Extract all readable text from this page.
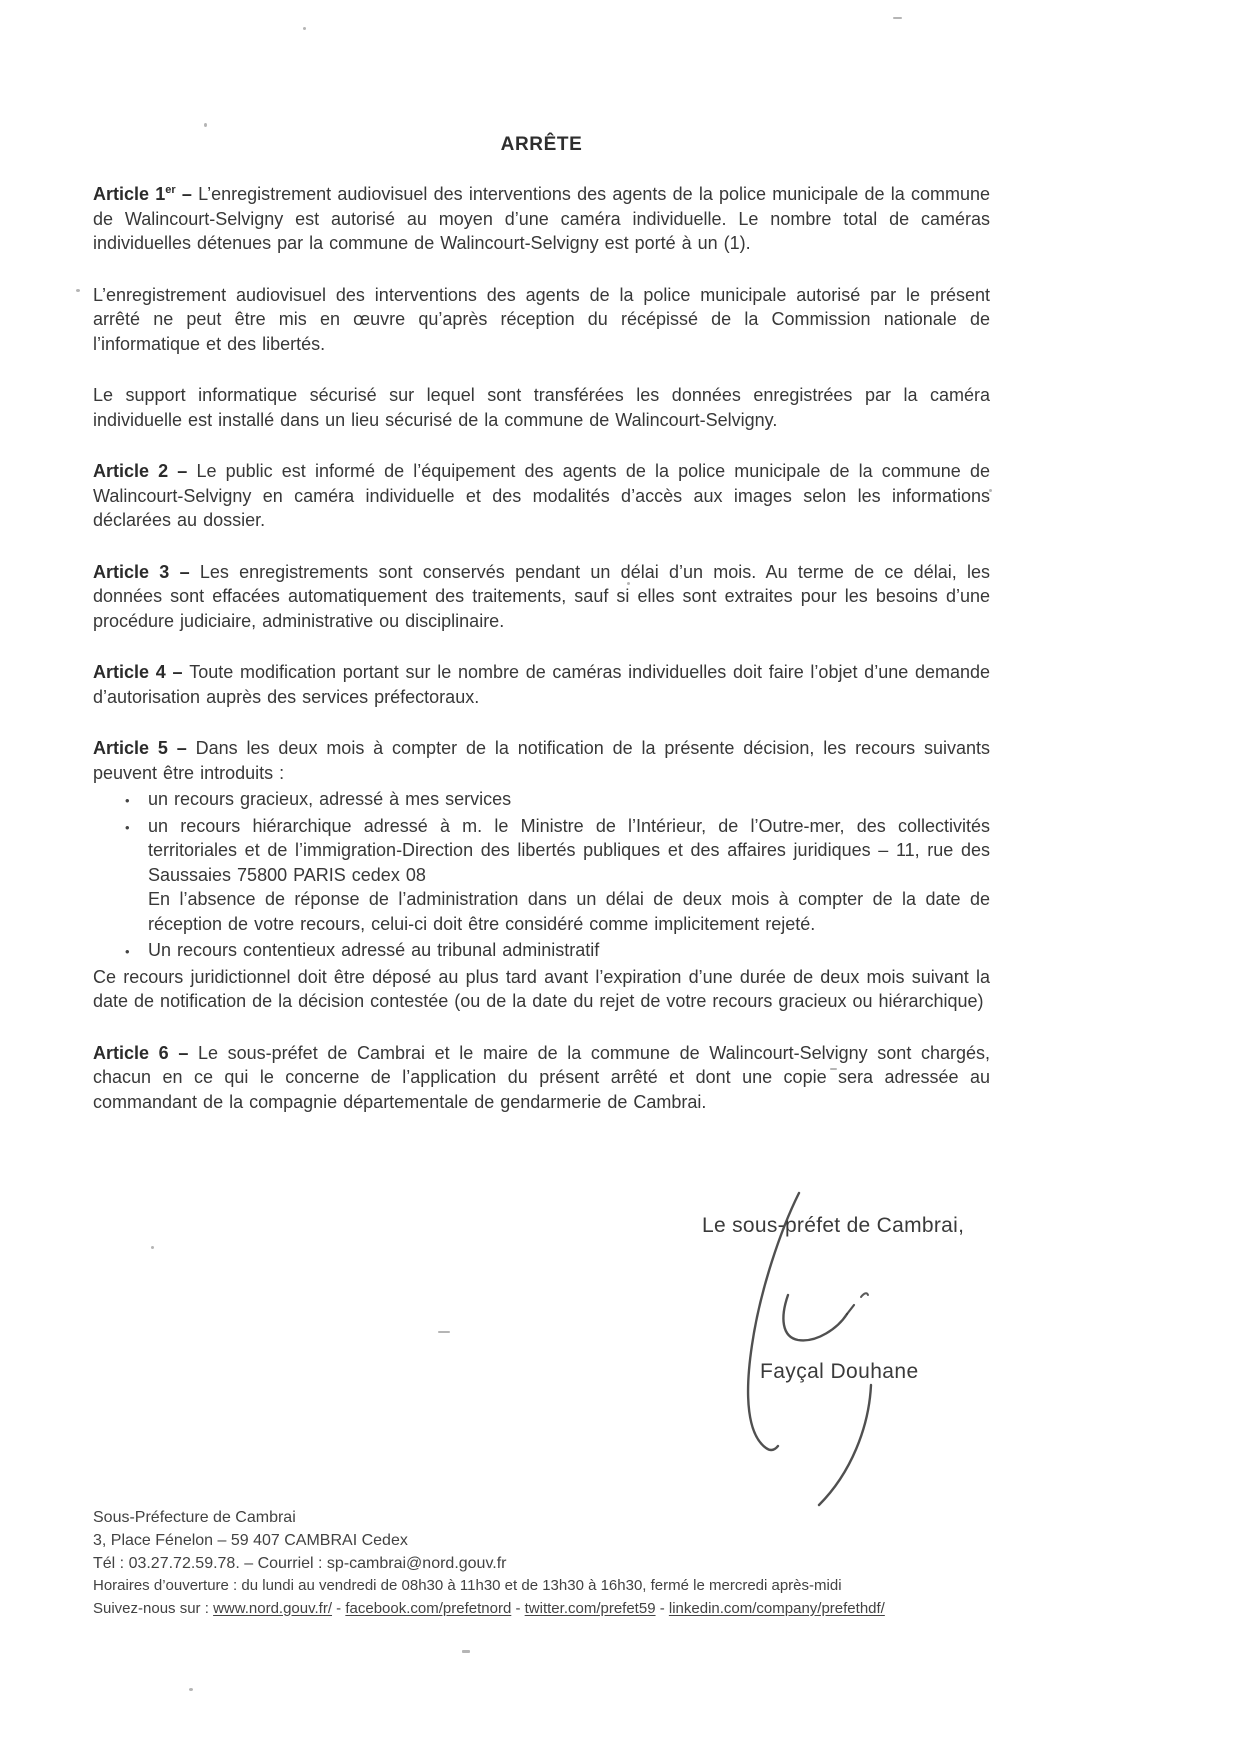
ARRÊTE

Article 1er – L’enregistrement audiovisuel des interventions des agents de la police municipale de la commune de Walincourt-Selvigny est autorisé au moyen d’une caméra individuelle. Le nombre total de caméras individuelles détenues par la commune de Walincourt-Selvigny est porté à un (1).

L’enregistrement audiovisuel des interventions des agents de la police municipale autorisé par le présent arrêté ne peut être mis en œuvre qu’après réception du récépissé de la Commission nationale de l’informatique et des libertés.

Le support informatique sécurisé sur lequel sont transférées les données enregistrées par la caméra individuelle est installé dans un lieu sécurisé de la commune de Walincourt-Selvigny.

Article 2 – Le public est informé de l’équipement des agents de la police municipale de la commune de Walincourt-Selvigny en caméra individuelle et des modalités d’accès aux images selon les informations déclarées au dossier.

Article 3 – Les enregistrements sont conservés pendant un délai d’un mois. Au terme de ce délai, les données sont effacées automatiquement des traitements, sauf si elles sont extraites pour les besoins d’une procédure judiciaire, administrative ou disciplinaire.

Article 4 – Toute modification portant sur le nombre de caméras individuelles doit faire l’objet d’une demande d’autorisation auprès des services préfectoraux.

Article 5 – Dans les deux mois à compter de la notification de la présente décision, les recours suivants peuvent être introduits :

•	un recours gracieux, adressé à mes services
•	un recours hiérarchique adressé à m. le Ministre de l’Intérieur, de l’Outre-mer, des collectivités territoriales et de l’immigration-Direction des libertés publiques et des affaires juridiques – 11, rue des Saussaies 75800 PARIS cedex 08
En l’absence de réponse de l’administration dans un délai de deux mois à compter de la date de réception de votre recours, celui-ci doit être considéré comme implicitement rejeté.
•	Un recours contentieux adressé au tribunal administratif

Ce recours juridictionnel doit être déposé au plus tard avant l’expiration d’une durée de deux mois suivant la date de notification de la décision contestée (ou de la date du rejet de votre recours gracieux ou hiérarchique)

Article 6 – Le sous-préfet de Cambrai et le maire de la commune de Walincourt-Selvigny sont chargés, chacun en ce qui le concerne de l’application du présent arrêté et dont une copie sera adressée au commandant de la compagnie départementale de gendarmerie de Cambrai.

Le sous-préfet de Cambrai,
Fayçal Douhane
Sous-Préfecture de Cambrai
3, Place Fénelon – 59 407 CAMBRAI Cedex
Tél : 03.27.72.59.78. – Courriel : sp-cambrai@nord.gouv.fr
Horaires d’ouverture : du lundi au vendredi de 08h30 à 11h30 et de 13h30 à 16h30, fermé le mercredi après-midi
Suivez-nous sur : www.nord.gouv.fr/ - facebook.com/prefetnord - twitter.com/prefet59 - linkedin.com/company/prefethdf/
